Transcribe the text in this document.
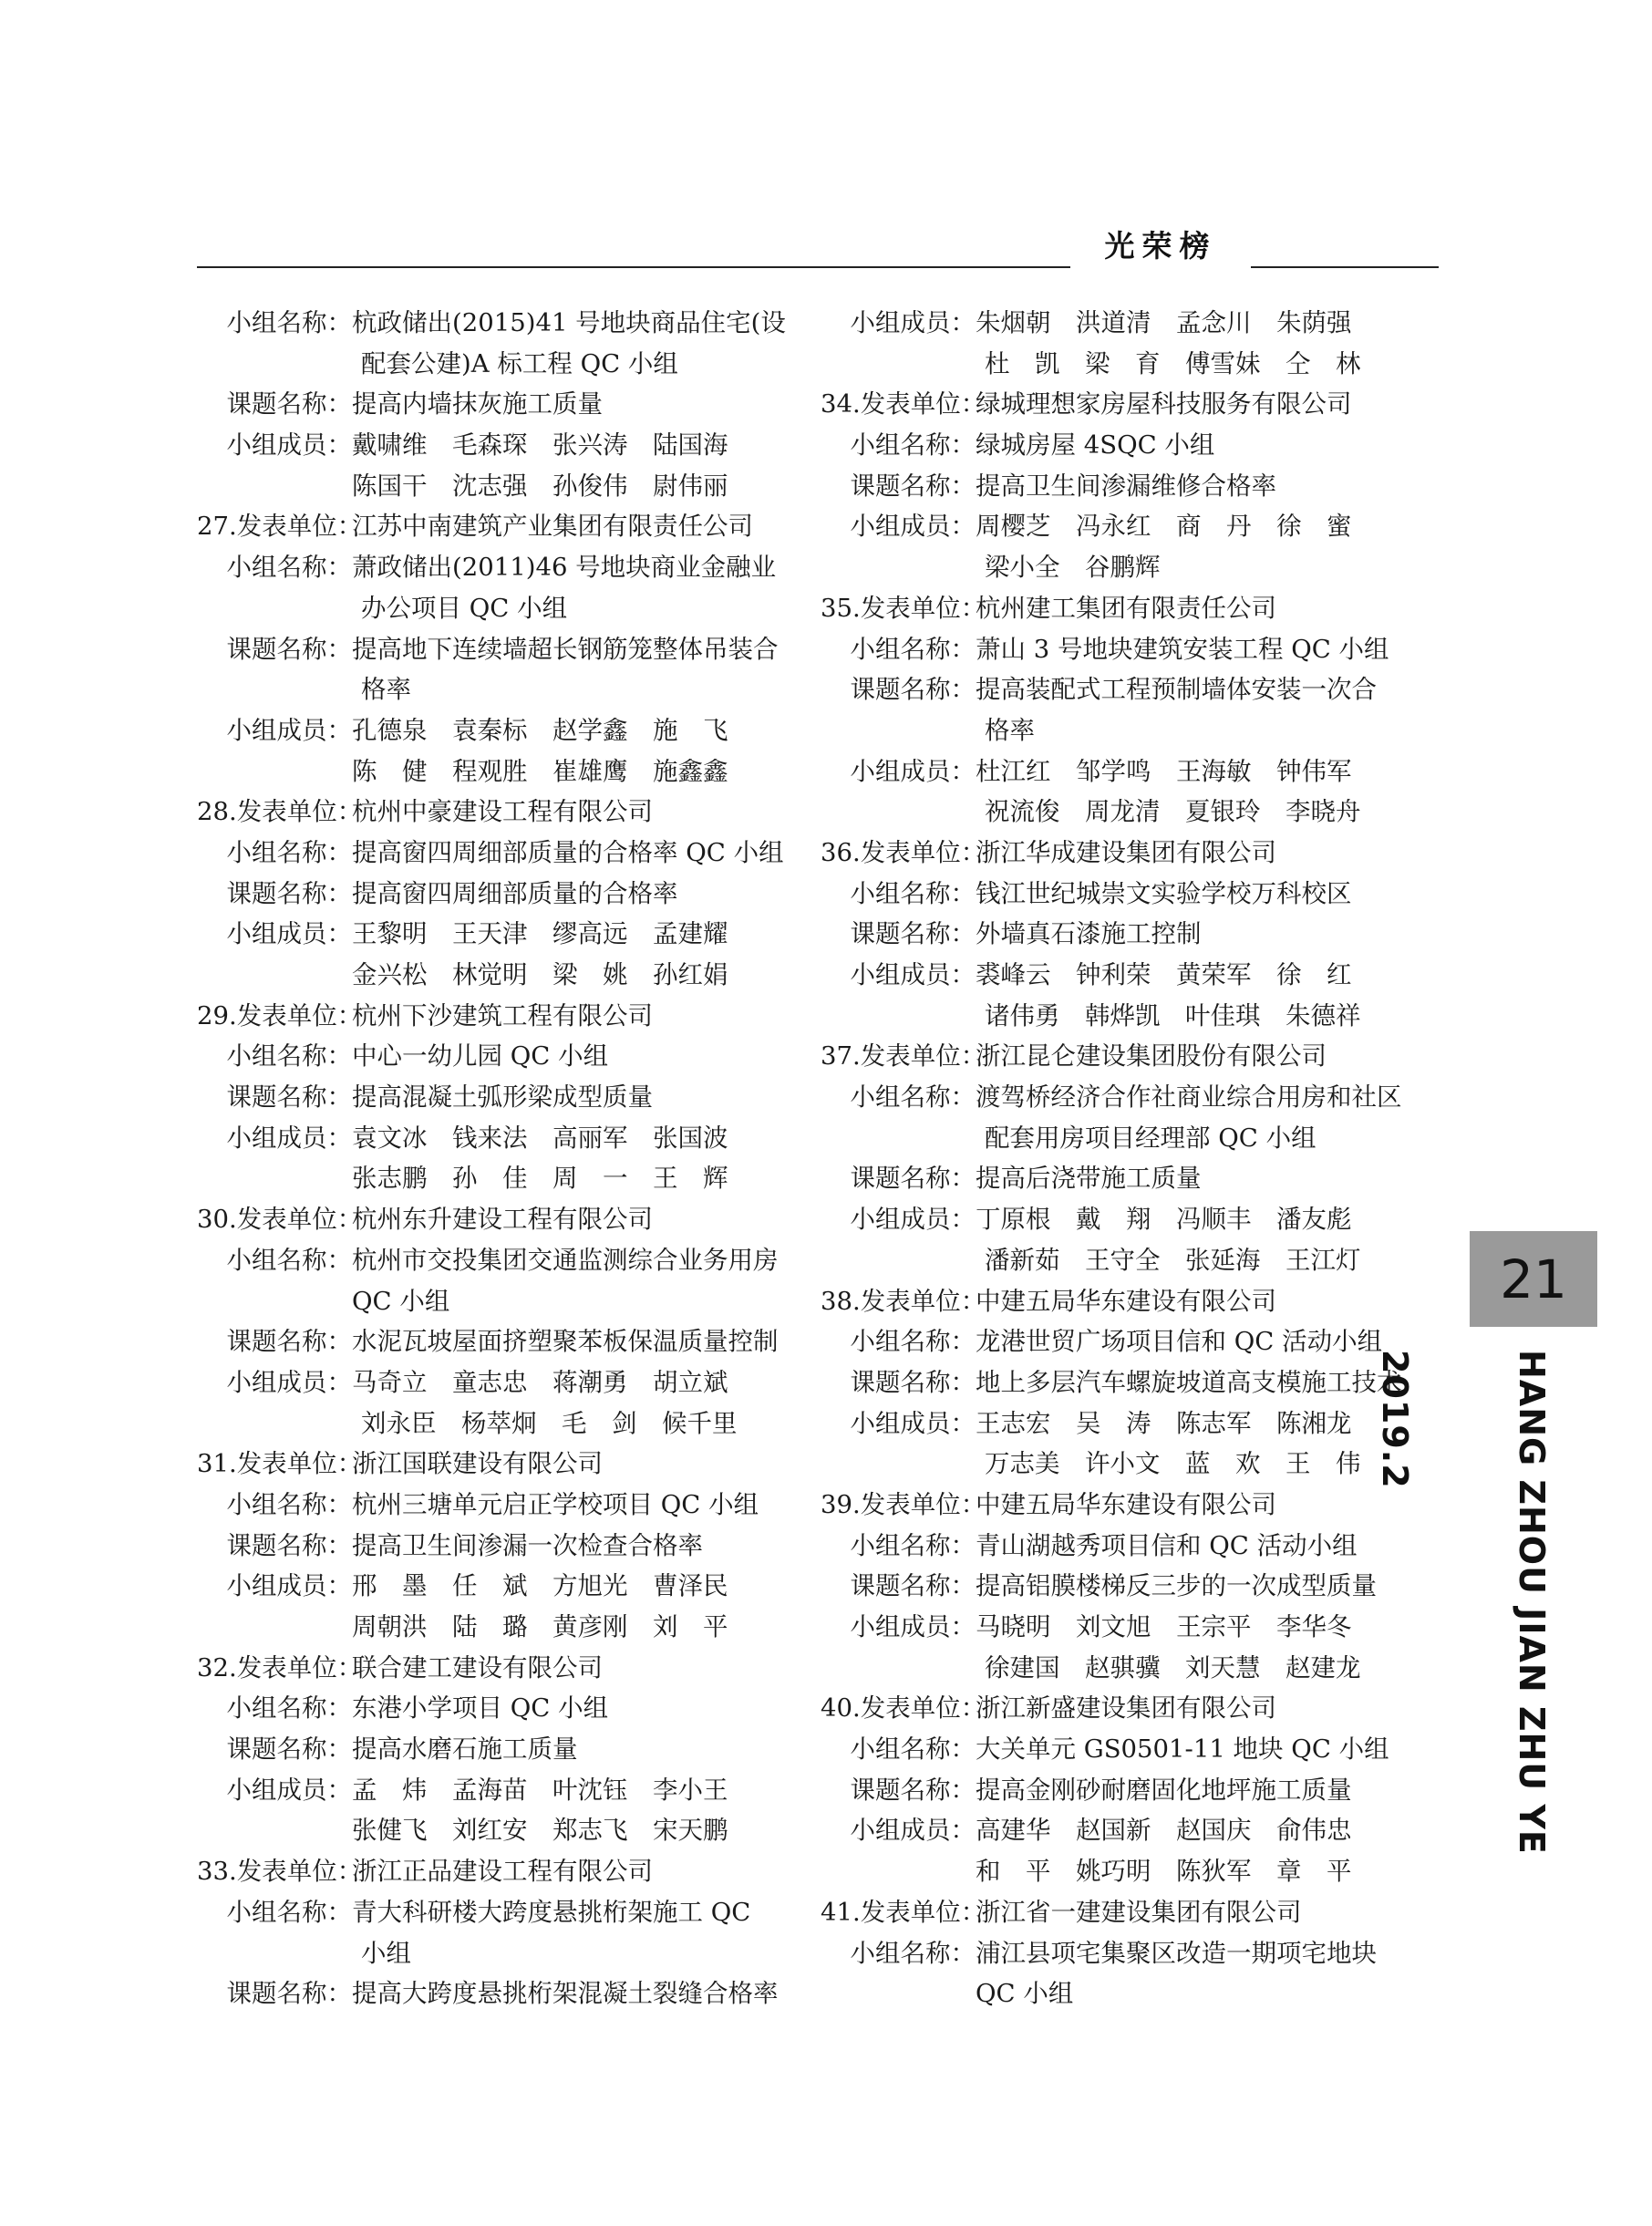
光荣榜
小组名称：杭政储出(2015)41 号地块商品住宅(设
配套公建)A 标工程 QC 小组
课题名称：提高内墙抹灰施工质量
小组成员：戴啸维　毛森琛　张兴涛　陆国海
陈国干　沈志强　孙俊伟　尉伟丽
27.发表单位：江苏中南建筑产业集团有限责任公司
小组名称：萧政储出(2011)46 号地块商业金融业
办公项目 QC 小组
课题名称：提高地下连续墙超长钢筋笼整体吊装合
格率
小组成员：孔德泉　袁秦标　赵学鑫　施　飞
陈　健　程观胜　崔雄鹰　施鑫鑫
28.发表单位：杭州中豪建设工程有限公司
小组名称：提高窗四周细部质量的合格率 QC 小组
课题名称：提高窗四周细部质量的合格率
小组成员：王黎明　王天津　缪高远　孟建耀
金兴松　林觉明　梁　姚　孙红娟
29.发表单位：杭州下沙建筑工程有限公司
小组名称：中心一幼儿园 QC 小组
课题名称：提高混凝土弧形梁成型质量
小组成员：袁文冰　钱来法　高丽军　张国波
张志鹏　孙　佳　周　一　王　辉
30.发表单位：杭州东升建设工程有限公司
小组名称：杭州市交投集团交通监测综合业务用房
QC 小组
课题名称：水泥瓦坡屋面挤塑聚苯板保温质量控制
小组成员：马奇立　童志忠　蒋潮勇　胡立斌
刘永臣　杨萃炯　毛　剑　候千里
31.发表单位：浙江国联建设有限公司
小组名称：杭州三塘单元启正学校项目 QC 小组
课题名称：提高卫生间渗漏一次检查合格率
小组成员：邢　墨　任　斌　方旭光　曹泽民
周朝洪　陆　璐　黄彦刚　刘　平
32.发表单位：联合建工建设有限公司
小组名称：东港小学项目 QC 小组
课题名称：提高水磨石施工质量
小组成员：孟　炜　孟海苗　叶沈钰　李小王
张健飞　刘红安　郑志飞　宋天鹏
33.发表单位：浙江正品建设工程有限公司
小组名称：青大科研楼大跨度悬挑桁架施工 QC
小组
课题名称：提高大跨度悬挑桁架混凝土裂缝合格率
小组成员：朱烟朝　洪道清　孟念川　朱荫强
杜　凯　梁　育　傅雪妹　仝　林
34.发表单位：绿城理想家房屋科技服务有限公司
小组名称：绿城房屋 4SQC 小组
课题名称：提高卫生间渗漏维修合格率
小组成员：周樱芝　冯永红　商　丹　徐　蜜
梁小全　谷鹏辉
35.发表单位：杭州建工集团有限责任公司
小组名称：萧山 3 号地块建筑安装工程 QC 小组
课题名称：提高装配式工程预制墙体安装一次合
格率
小组成员：杜江红　邹学鸣　王海敏　钟伟军
祝流俊　周龙清　夏银玲　李晓舟
36.发表单位：浙江华成建设集团有限公司
小组名称：钱江世纪城崇文实验学校万科校区
课题名称：外墙真石漆施工控制
小组成员：裘峰云　钟利荣　黄荣军　徐　红
诸伟勇　韩烨凯　叶佳琪　朱德祥
37.发表单位：浙江昆仑建设集团股份有限公司
小组名称：渡驾桥经济合作社商业综合用房和社区
配套用房项目经理部 QC 小组
课题名称：提高后浇带施工质量
小组成员：丁原根　戴　翔　冯顺丰　潘友彪
潘新茹　王守全　张延海　王江灯
38.发表单位：中建五局华东建设有限公司
小组名称：龙港世贸广场项目信和 QC 活动小组
课题名称：地上多层汽车螺旋坡道高支模施工技术
小组成员：王志宏　吴　涛　陈志军　陈湘龙
万志美　许小文　蓝　欢　王　伟
39.发表单位：中建五局华东建设有限公司
小组名称：青山湖越秀项目信和 QC 活动小组
课题名称：提高铝膜楼梯反三步的一次成型质量
小组成员：马晓明　刘文旭　王宗平　李华冬
徐建国　赵骐骥　刘天慧　赵建龙
40.发表单位：浙江新盛建设集团有限公司
小组名称：大关单元 GS0501-11 地块 QC 小组
课题名称：提高金刚砂耐磨固化地坪施工质量
小组成员：高建华　赵国新　赵国庆　俞伟忠
和　平　姚巧明　陈狄军　章　平
41.发表单位：浙江省一建建设集团有限公司
小组名称：浦江县项宅集聚区改造一期项宅地块
QC 小组
21
HANG ZHOU JIAN ZHU YE 2019.2
